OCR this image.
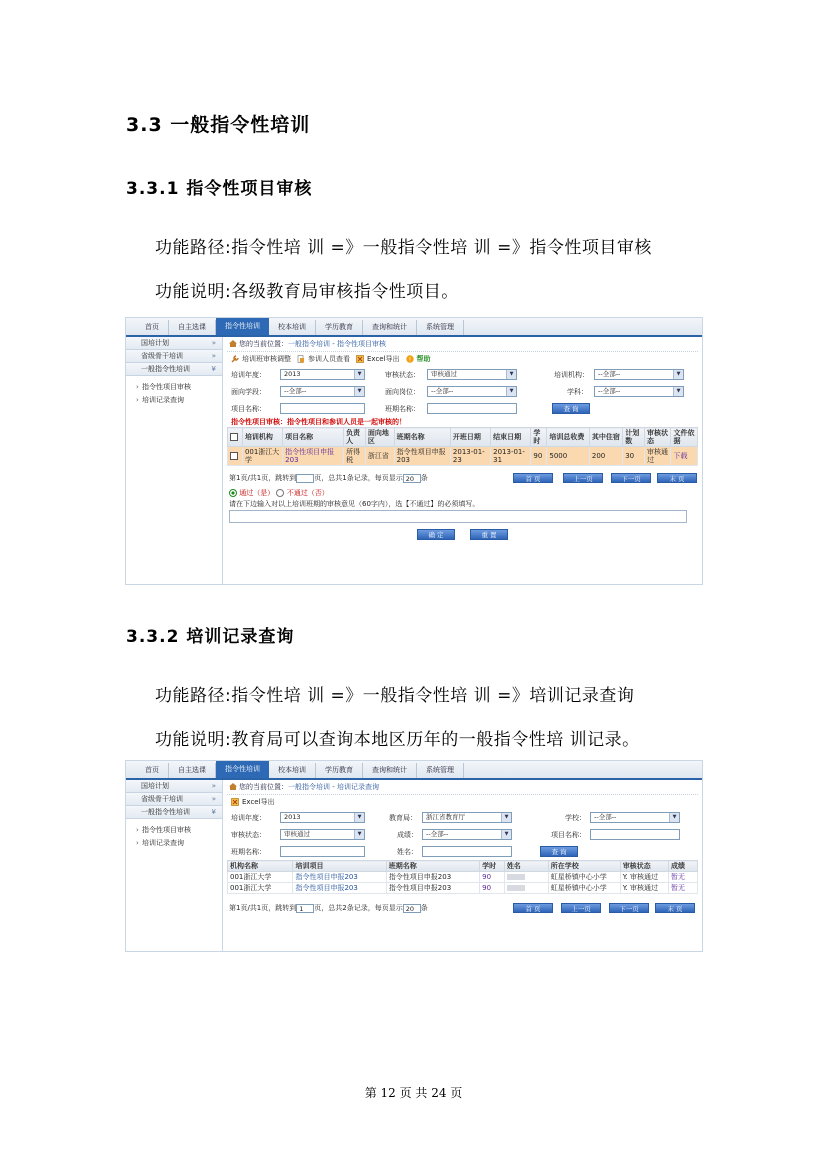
3.3 一般指令性培训
3.3.1 指令性项目审核
功能路径:指令性培 训 =》一般指令性培 训 =》指令性项目审核
功能说明:各级教育局审核指令性项目。
首页	自主选课	指令性培训	校本培训	学历教育	查询和统计	系统管理
国培计划	»
省级骨干培训	»
一般指令性培训	¥
› 指令性项目审核
› 培训记录查询
您的当前位置：一般指令培训 - 指令性项目审核
培训班审核调整 参训人员查看 Excel导出 ! 帮助
培训年度：	2013	▼	审核状态：	审核通过	▼	培训机构：	--全部--	▼
面向学段：	--全部--	▼	面向岗位：	--全部--	▼	学科：	--全部--	▼
项目名称：	班期名称：	查 询
指令性项目审核：指令性项目和参训人员是一起审核的！
	培训机构	项目名称	负责人	面向地区	班期名称	开班日期	结束日期	学时	培训总收费	其中住宿	计划数	审核状态	文件依据
	001浙江大学	指令性项目申报203	所得税	浙江省	指令性项目申报203	2013-01-23	2013-01-31	90	5000	200	30	审核通过	下载
第1页/共1页，跳转到	页，总共1条记录，每页显示 20 条	首 页	上一页	下一页	末 页
通过（是） 不通过（否）
请在下边输入对以上培训班期的审核意见（60字内），选【不通过】的必须填写。
确 定	重 置
3.3.2 培训记录查询
功能路径:指令性培 训 =》一般指令性培 训 =》培训记录查询
功能说明:教育局可以查询本地区历年的一般指令性培 训记录。
首页	自主选课	指令性培训	校本培训	学历教育	查询和统计	系统管理
国培计划	»
省级骨干培训	»
一般指令性培训	¥
› 指令性项目审核
› 培训记录查询
您的当前位置：一般指令培训 - 培训记录查询
Excel导出
培训年度：	2013	▼	教育局：	浙江省教育厅	▼	学校：	--全部--	▼
审核状态：	审核通过	▼	成绩：	--全部--	▼	项目名称：
班期名称：	姓名：	查 询
机构名称	培训项目	班期名称	学时	姓名	所在学校	审核状态	成绩
001浙江大学	指令性项目申报203	指令性项目申报203	90		虹星桥镇中心小学	Y. 审核通过	暂无
001浙江大学	指令性项目申报203	指令性项目申报203	90		虹星桥镇中心小学	Y. 审核通过	暂无
第1页/共1页，跳转到 1 页，总共2条记录，每页显示 20 条	首 页	上一页	下一页	末 页
第 12 页 共 24 页
